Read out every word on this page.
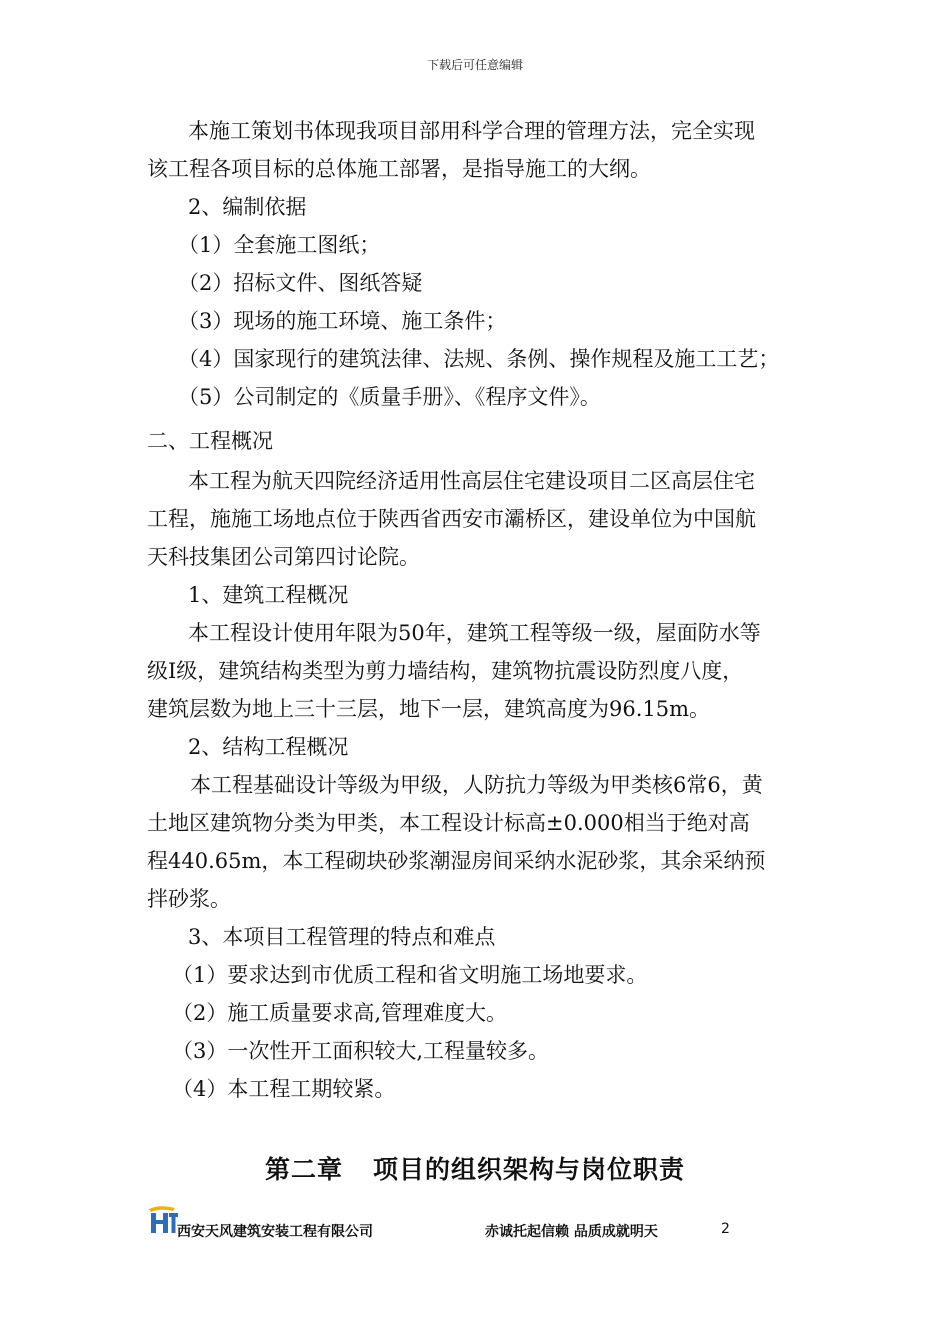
下载后可任意编辑
本施工策划书体现我项目部用科学合理的管理方法，完全实现
该工程各项目标的总体施工部署，是指导施工的大纲。
2、编制依据
（1）全套施工图纸；
（2）招标文件、图纸答疑
（3）现场的施工环境、施工条件；
（4）国家现行的建筑法律、法规、条例、操作规程及施工工艺；
（5）公司制定的《质量手册》、《程序文件》。
二、工程概况
本工程为航天四院经济适用性高层住宅建设项目二区高层住宅
工程，施施工场地点位于陕西省西安市灞桥区，建设单位为中国航
天科技集团公司第四讨论院。
1、建筑工程概况
本工程设计使用年限为50年，建筑工程等级一级，屋面防水等
级Ⅰ级，建筑结构类型为剪力墙结构，建筑物抗震设防烈度八度，
建筑层数为地上三十三层，地下一层，建筑高度为96.15m。
2、结构工程概况
本工程基础设计等级为甲级，人防抗力等级为甲类核6常6，黄
土地区建筑物分类为甲类，本工程设计标高±0.000相当于绝对高
程440.65m，本工程砌块砂浆潮湿房间采纳水泥砂浆，其余采纳预
拌砂浆。
3、本项目工程管理的特点和难点
（1）要求达到市优质工程和省文明施工场地要求。
（2）施工质量要求高,管理难度大。
（3）一次性开工面积较大,工程量较多。
（4）本工程工期较紧。
第二章 项目的组织架构与岗位职责
西安天风建筑安装工程有限公司	赤诚托起信赖 品质成就明天	2
